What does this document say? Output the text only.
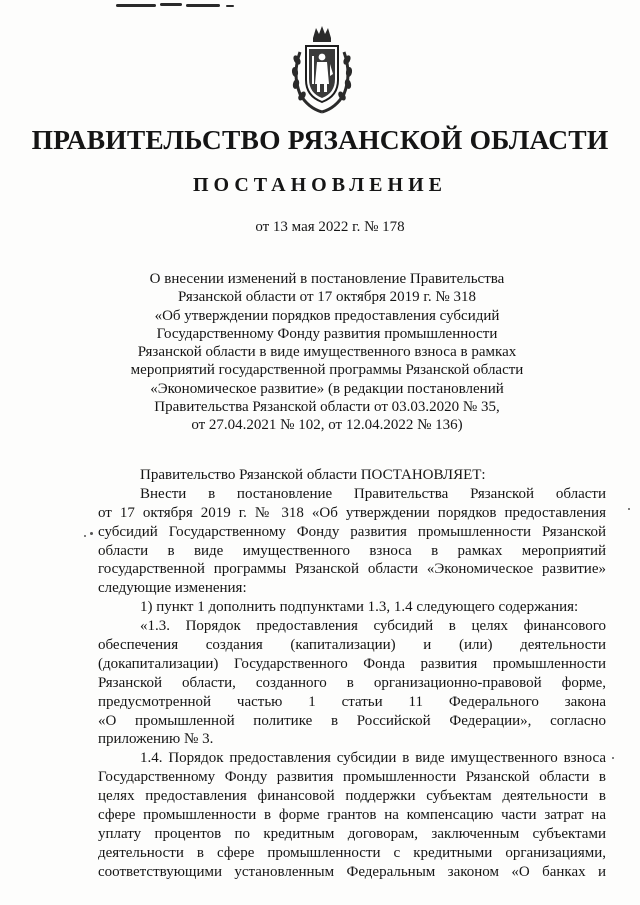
ПРАВИТЕЛЬСТВО РЯЗАНСКОЙ ОБЛАСТИ
ПОСТАНОВЛЕНИЕ
от 13 мая 2022 г. № 178
О внесении изменений в постановление Правительства
Рязанской области от 17 октября 2019 г. № 318
«Об утверждении порядков предоставления субсидий
Государственному Фонду развития промышленности
Рязанской области в виде имущественного взноса в рамках
мероприятий государственной программы Рязанской области
«Экономическое развитие» (в редакции постановлений
Правительства Рязанской области от 03.03.2020 № 35,
от 27.04.2021 № 102, от 12.04.2022 № 136)
Правительство Рязанской области ПОСТАНОВЛЯЕТ:
Внести в постановление Правительства Рязанской области
от 17 октября 2019 г. № 318 «Об утверждении порядков предоставления
субсидий Государственному Фонду развития промышленности Рязанской
области в виде имущественного взноса в рамках мероприятий
государственной программы Рязанской области «Экономическое развитие»
следующие изменения:
1) пункт 1 дополнить подпунктами 1.3, 1.4 следующего содержания:
«1.3. Порядок предоставления субсидий в целях финансового
обеспечения создания (капитализации) и (или) деятельности
(докапитализации) Государственного Фонда развития промышленности
Рязанской области, созданного в организационно-правовой форме,
предусмотренной частью 1 статьи 11 Федерального закона
«О промышленной политике в Российской Федерации», согласно
приложению № 3.
1.4. Порядок предоставления субсидии в виде имущественного взноса
Государственному Фонду развития промышленности Рязанской области в
целях предоставления финансовой поддержки субъектам деятельности в
сфере промышленности в форме грантов на компенсацию части затрат на
уплату процентов по кредитным договорам, заключенным субъектами
деятельности в сфере промышленности с кредитными организациями,
соответствующими установленным Федеральным законом «О банках и
